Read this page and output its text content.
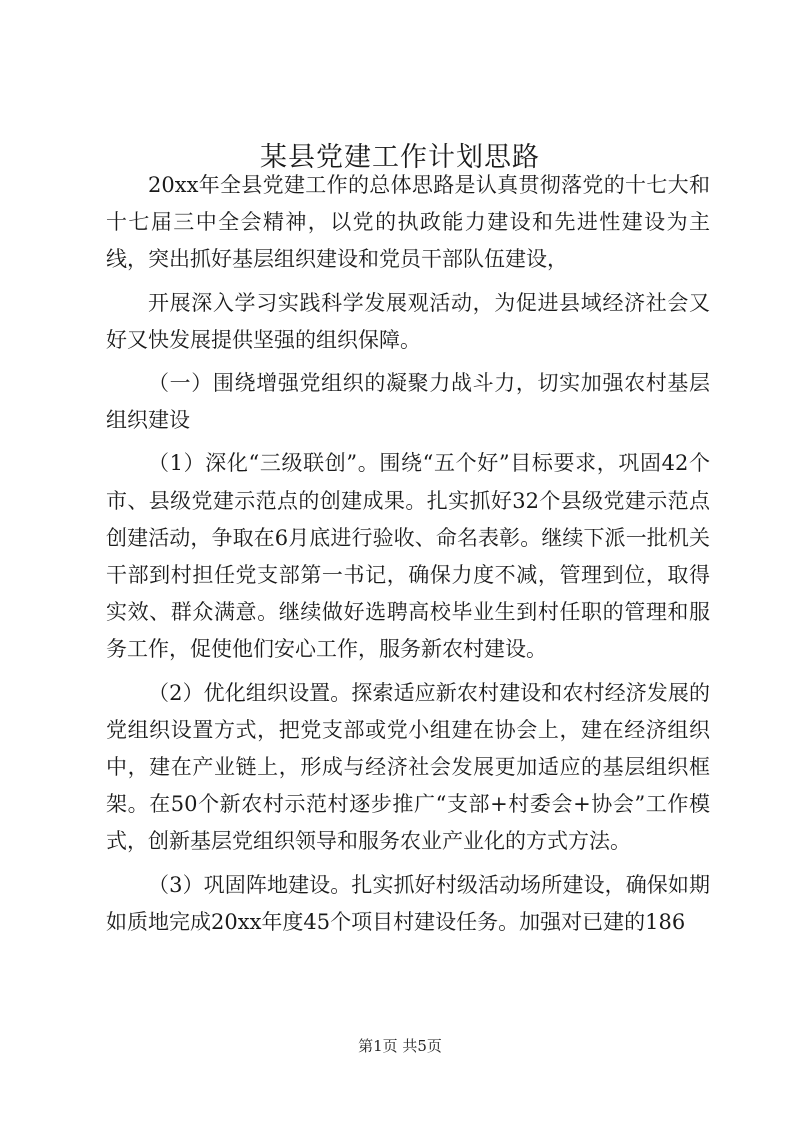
某县党建工作计划思路

20xx年全县党建工作的总体思路是认真贯彻落党的十七大和十七届三中全会精神，以党的执政能力建设和先进性建设为主线，突出抓好基层组织建设和党员干部队伍建设，

开展深入学习实践科学发展观活动，为促进县域经济社会又好又快发展提供坚强的组织保障。

（一）围绕增强党组织的凝聚力战斗力，切实加强农村基层组织建设

（1）深化“三级联创”。围绕“五个好”目标要求，巩固42个市、县级党建示范点的创建成果。扎实抓好32个县级党建示范点创建活动，争取在6月底进行验收、命名表彰。继续下派一批机关干部到村担任党支部第一书记，确保力度不减，管理到位，取得实效、群众满意。继续做好选聘高校毕业生到村任职的管理和服务工作，促使他们安心工作，服务新农村建设。

（2）优化组织设置。探索适应新农村建设和农村经济发展的党组织设置方式，把党支部或党小组建在协会上，建在经济组织中，建在产业链上，形成与经济社会发展更加适应的基层组织框架。在50个新农村示范村逐步推广“支部+村委会+协会”工作模式，创新基层党组织领导和服务农业产业化的方式方法。

（3）巩固阵地建设。扎实抓好村级活动场所建设，确保如期如质地完成20xx年度45个项目村建设任务。加强对已建的186

第1页 共5页
